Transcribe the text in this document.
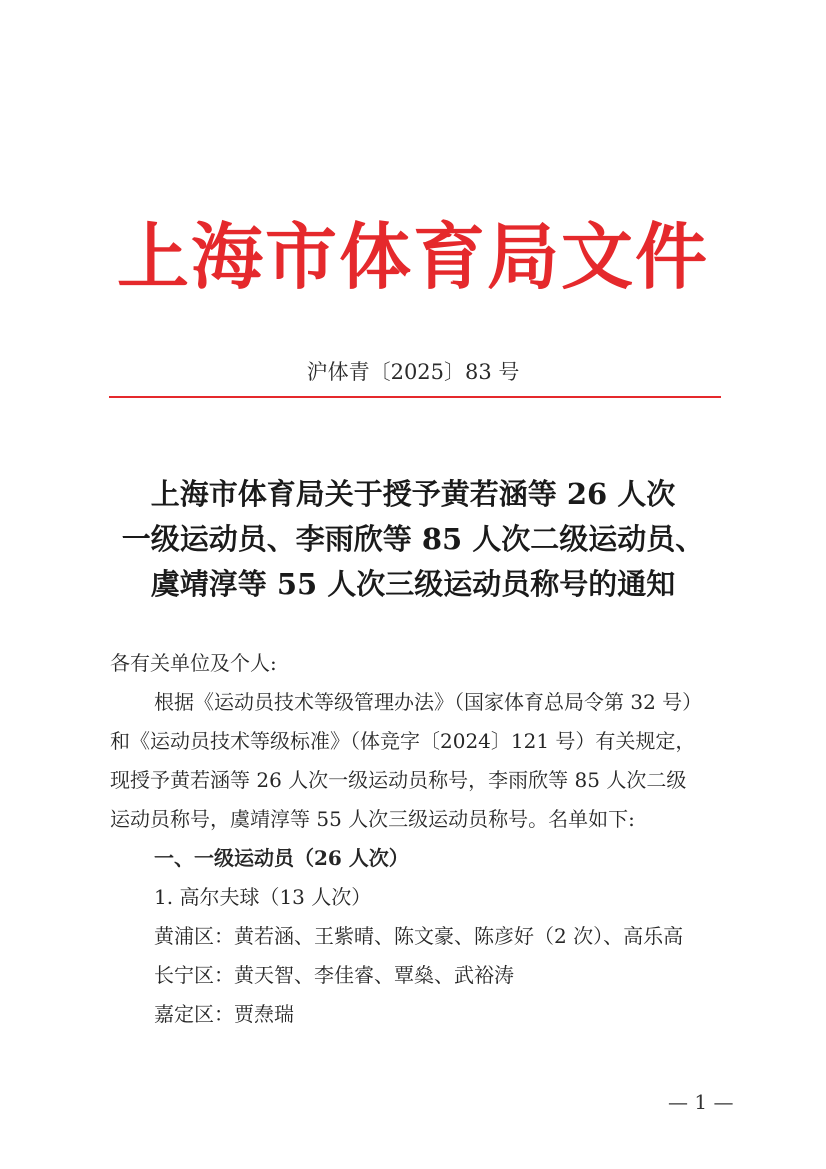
上海市体育局文件
沪体青〔2025〕83 号
上海市体育局关于授予黄若涵等 26 人次
一级运动员、李雨欣等 85 人次二级运动员、
虞靖淳等 55 人次三级运动员称号的通知
各有关单位及个人:
根据《运动员技术等级管理办法》（国家体育总局令第 32 号）
和《运动员技术等级标准》（体竞字〔2024〕121 号）有关规定，
现授予黄若涵等 26 人次一级运动员称号，李雨欣等 85 人次二级
运动员称号，虞靖淳等 55 人次三级运动员称号。名单如下:
一、一级运动员（26 人次）
1. 高尔夫球（13 人次）
黄浦区：黄若涵、王紫晴、陈文豪、陈彦好（2 次）、高乐高
长宁区：黄天智、李佳睿、覃燊、武裕涛
嘉定区：贾焘瑞
— 1 —
